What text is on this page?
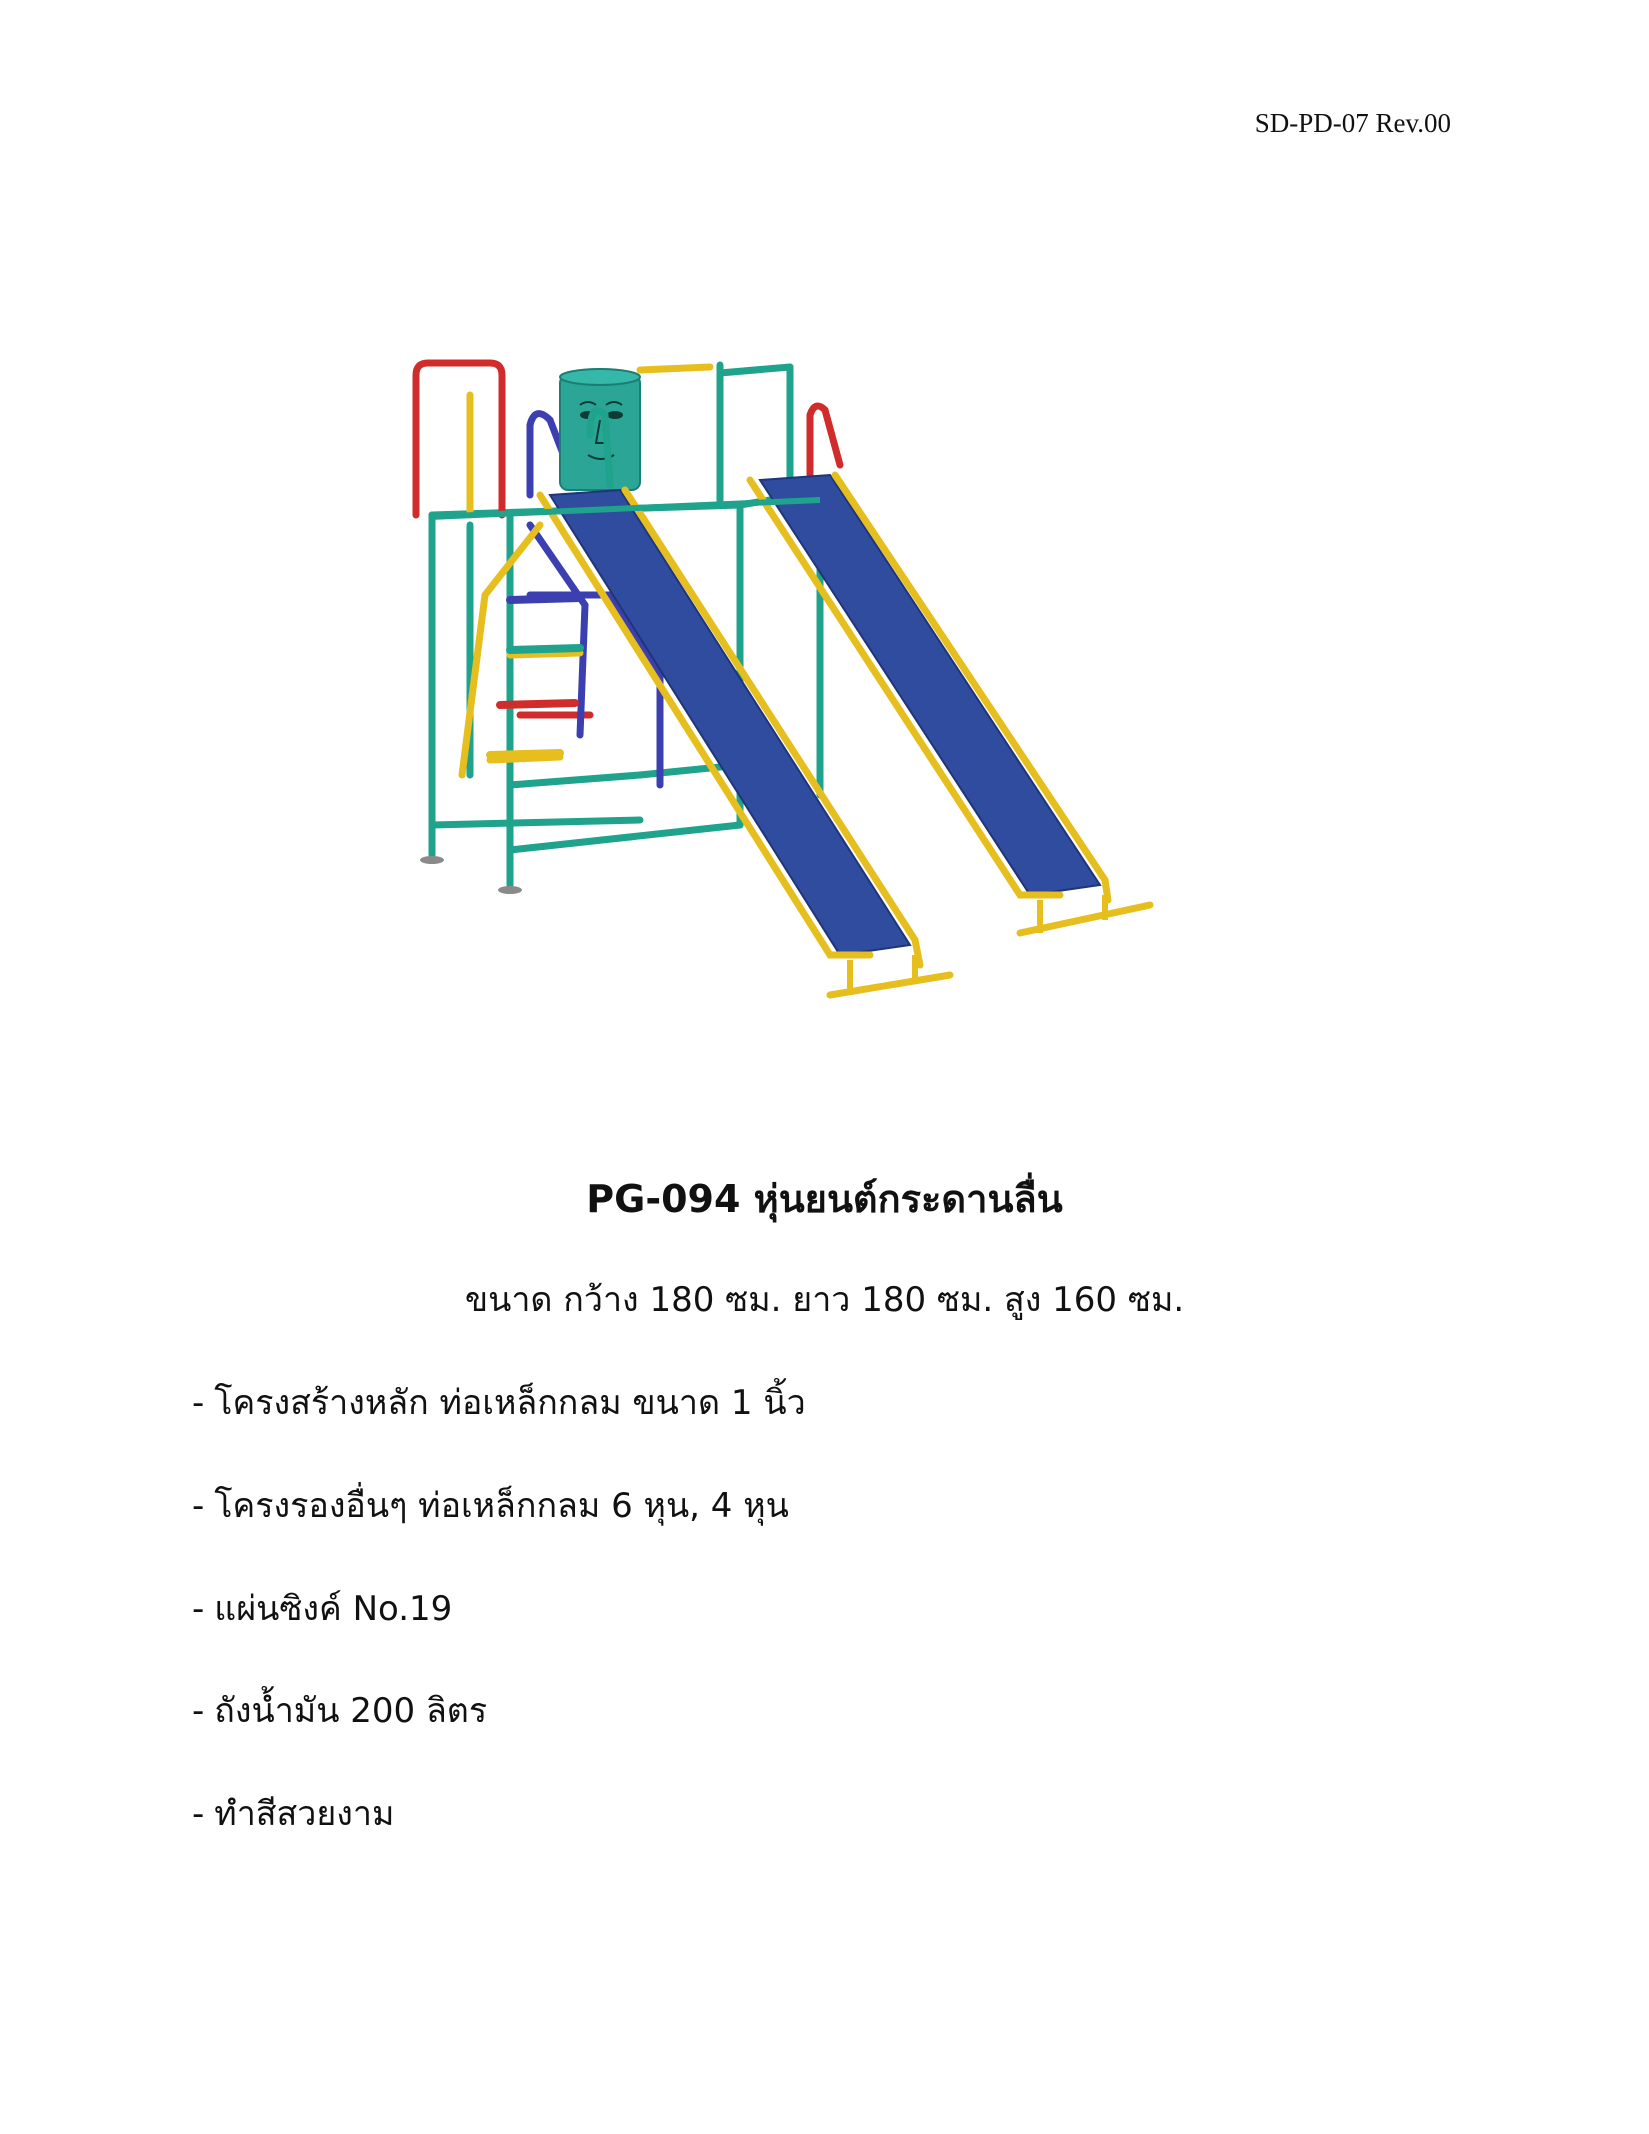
SD-PD-07 Rev.00
PG-094 หุ่นยนต์กระดานลื่น
ขนาด กว้าง 180 ซม. ยาว 180 ซม. สูง 160 ซม.
- โครงสร้างหลัก ท่อเหล็กกลม ขนาด 1 นิ้ว
- โครงรองอื่นๆ ท่อเหล็กกลม 6 หุน, 4 หุน
- แผ่นซิงค์ No.19
- ถังน้ำมัน 200 ลิตร
- ทำสีสวยงาม
